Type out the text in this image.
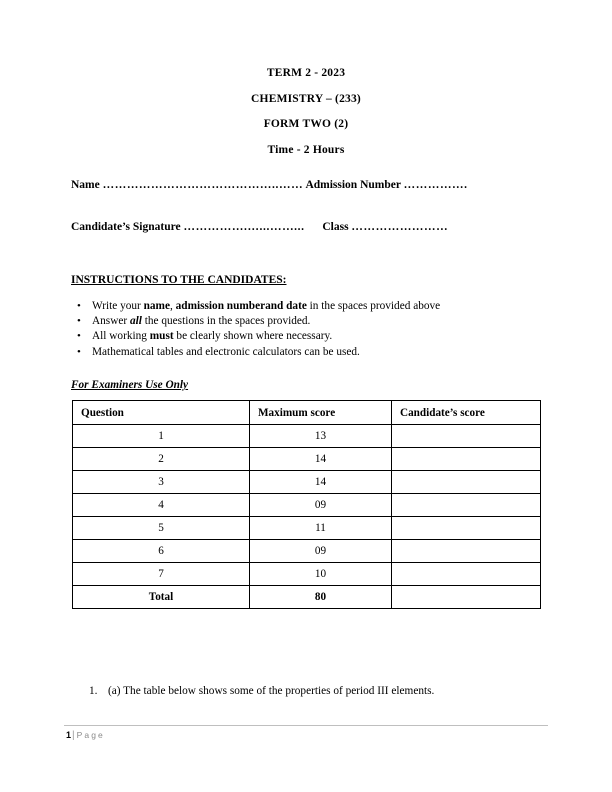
TERM 2 - 2023
CHEMISTRY – (233)
FORM TWO (2)
Time - 2 Hours
Name ……………………………………..…… Admission Number …………….
Candidate’s Signature …………….…...……... Class ……………………
INSTRUCTIONS TO THE CANDIDATES:
• Write your name, admission numberand date in the spaces provided above
• Answer all the questions in the spaces provided.
• All working must be clearly shown where necessary.
• Mathematical tables and electronic calculators can be used.
For Examiners Use Only
Question	Maximum score	Candidate’s score
1	13	
2	14	
3	14	
4	09	
5	11	
6	09	
7	10	
Total	80	
1. (a) The table below shows some of the properties of period III elements.
1| Page
